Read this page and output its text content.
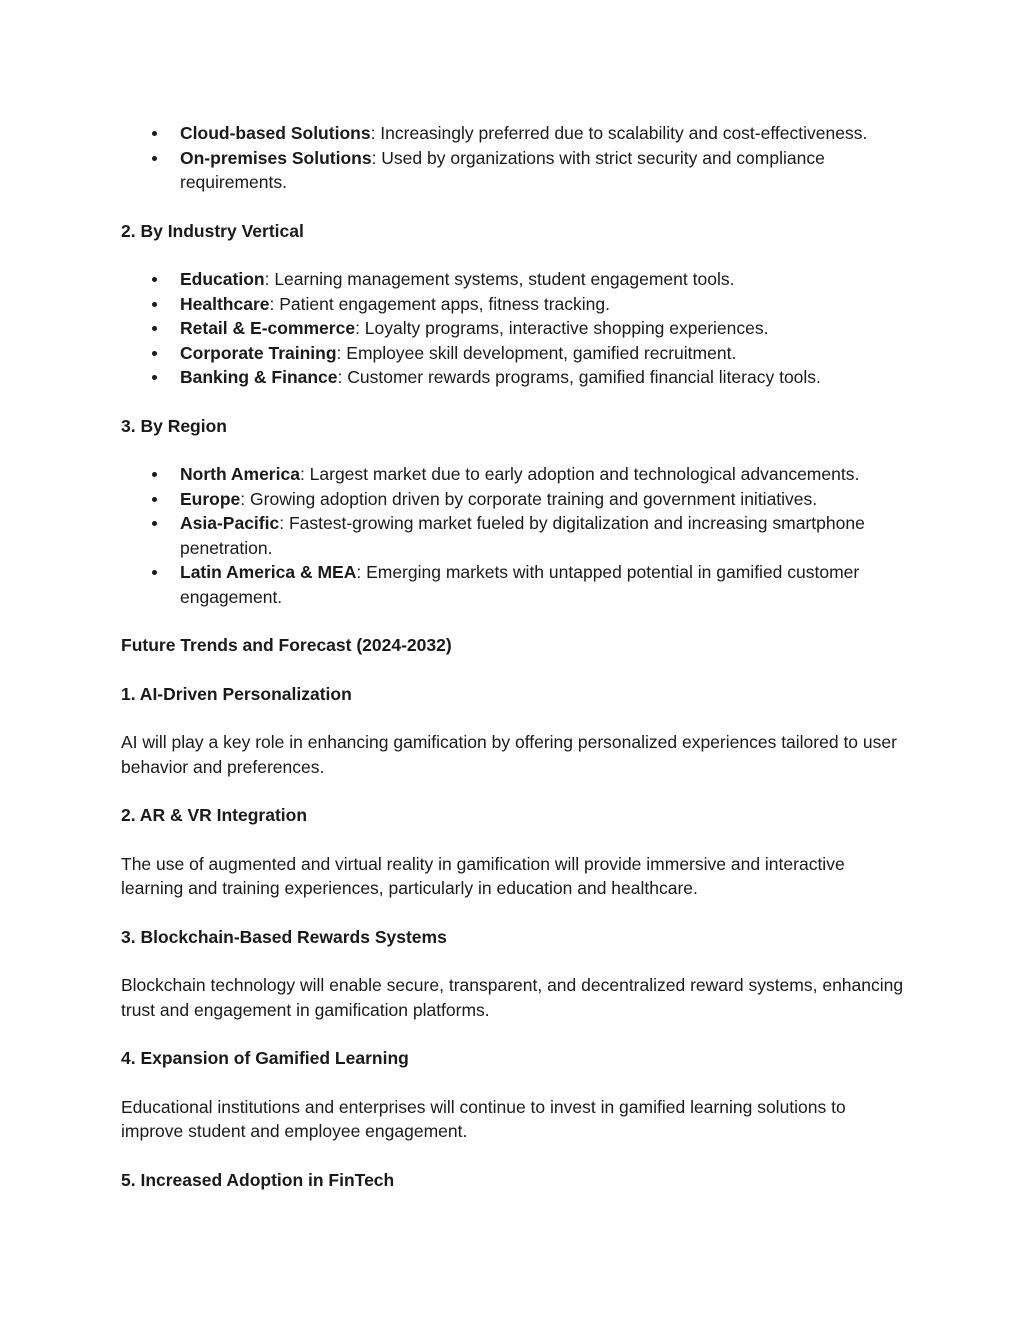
Cloud-based Solutions: Increasingly preferred due to scalability and cost-effectiveness.
On-premises Solutions: Used by organizations with strict security and compliance requirements.
2. By Industry Vertical
Education: Learning management systems, student engagement tools.
Healthcare: Patient engagement apps, fitness tracking.
Retail & E-commerce: Loyalty programs, interactive shopping experiences.
Corporate Training: Employee skill development, gamified recruitment.
Banking & Finance: Customer rewards programs, gamified financial literacy tools.
3. By Region
North America: Largest market due to early adoption and technological advancements.
Europe: Growing adoption driven by corporate training and government initiatives.
Asia-Pacific: Fastest-growing market fueled by digitalization and increasing smartphone penetration.
Latin America & MEA: Emerging markets with untapped potential in gamified customer engagement.
Future Trends and Forecast (2024-2032)
1. AI-Driven Personalization

AI will play a key role in enhancing gamification by offering personalized experiences tailored to user behavior and preferences.

2. AR & VR Integration

The use of augmented and virtual reality in gamification will provide immersive and interactive learning and training experiences, particularly in education and healthcare.

3. Blockchain-Based Rewards Systems

Blockchain technology will enable secure, transparent, and decentralized reward systems, enhancing trust and engagement in gamification platforms.

4. Expansion of Gamified Learning

Educational institutions and enterprises will continue to invest in gamified learning solutions to improve student and employee engagement.

5. Increased Adoption in FinTech
